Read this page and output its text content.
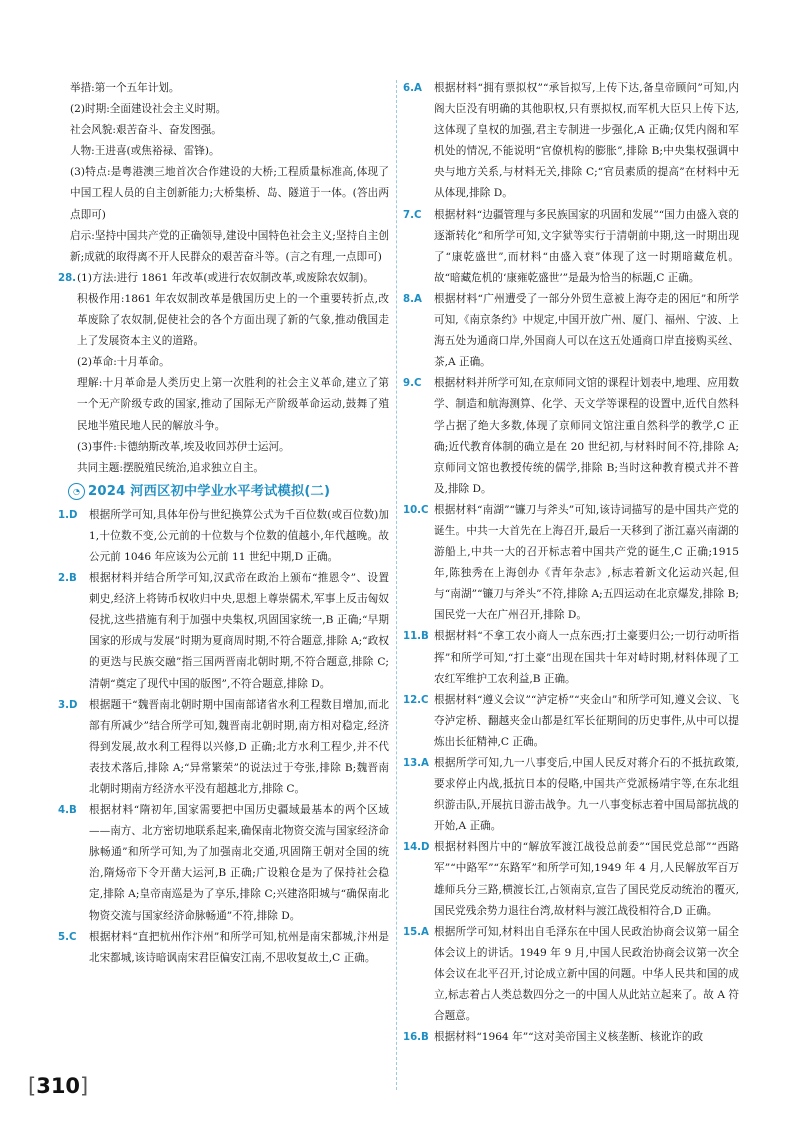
举措:第一个五年计划。

(2)时期:全面建设社会主义时期。

社会风貌:艰苦奋斗、奋发图强。

人物:王进喜(或焦裕禄、雷锋)。

(3)特点:是粤港澳三地首次合作建设的大桥;工程质量标准高,体现了中国工程人员的自主创新能力;大桥集桥、岛、隧道于一体。(答出两点即可)

启示:坚持中国共产党的正确领导,建设中国特色社会主义;坚持自主创新;成就的取得离不开人民群众的艰苦奋斗等。(言之有理,一点即可)

28. (1)方法:进行 1861 年改革(或进行农奴制改革,或废除农奴制)。

积极作用:1861 年农奴制改革是俄国历史上的一个重要转折点,改革废除了农奴制,促使社会的各个方面出现了新的气象,推动俄国走上了发展资本主义的道路。

(2)革命:十月革命。

理解:十月革命是人类历史上第一次胜利的社会主义革命,建立了第一个无产阶级专政的国家,推动了国际无产阶级革命运动,鼓舞了殖民地半殖民地人民的解放斗争。

(3)事件:卡德纳斯改革,埃及收回苏伊士运河。

共同主题:摆脱殖民统治,追求独立自主。

◔ 2024 河西区初中学业水平考试模拟(二)
1.D	根据所学可知,具体年份与世纪换算公式为千百位数(或百位数)加 1,十位数不变,公元前的十位数与个位数的值越小,年代越晚。故公元前 1046 年应该为公元前 11 世纪中期,D 正确。

2.B	根据材料并结合所学可知,汉武帝在政治上颁布“推恩令”、设置刺史,经济上将铸币权收归中央,思想上尊崇儒术,军事上反击匈奴侵扰,这些措施有利于加强中央集权,巩固国家统一,B 正确;“早期国家的形成与发展”时期为夏商周时期,不符合题意,排除 A;“政权的更迭与民族交融”指三国两晋南北朝时期,不符合题意,排除 C;清朝“奠定了现代中国的版图”,不符合题意,排除 D。

3.D	根据题干“魏晋南北朝时期中国南部诸省水利工程数目增加,而北部有所减少”结合所学可知,魏晋南北朝时期,南方相对稳定,经济得到发展,故水利工程得以兴修,D 正确;北方水利工程少,并不代表技术落后,排除 A;“异常繁荣”的说法过于夸张,排除 B;魏晋南北朝时期南方经济水平没有超越北方,排除 C。

4.B	根据材料“隋初年,国家需要把中国历史疆域最基本的两个区域——南方、北方密切地联系起来,确保南北物资交流与国家经济命脉畅通”和所学可知,为了加强南北交通,巩固隋王朝对全国的统治,隋炀帝下令开凿大运河,B 正确;广设粮仓是为了保持社会稳定,排除 A;皇帝南巡是为了享乐,排除 C;兴建洛阳城与“确保南北物资交流与国家经济命脉畅通”不符,排除 D。

5.C	根据材料“直把杭州作汴州”和所学可知,杭州是南宋都城,汴州是北宋都城,该诗暗讽南宋君臣偏安江南,不思收复故土,C 正确。

6.A	根据材料“拥有票拟权”“承旨拟写,上传下达,备皇帝顾问”可知,内阁大臣没有明确的其他职权,只有票拟权,而军机大臣只上传下达,这体现了皇权的加强,君主专制进一步强化,A 正确;仅凭内阁和军机处的情况,不能说明“官僚机构的膨胀”,排除 B;中央集权强调中央与地方关系,与材料无关,排除 C;“官员素质的提高”在材料中无从体现,排除 D。

7.C	根据材料“边疆管理与多民族国家的巩固和发展”“国力由盛入衰的逐渐转化”和所学可知,文字狱等实行于清朝前中期,这一时期出现了“康乾盛世”,而材料“由盛入衰”体现了这一时期暗藏危机。故“暗藏危机的‘康雍乾盛世’”是最为恰当的标题,C 正确。

8.A	根据材料“广州遭受了一部分外贸生意被上海夺走的困厄”和所学可知,《南京条约》中规定,中国开放广州、厦门、福州、宁波、上海五处为通商口岸,外国商人可以在这五处通商口岸直接购买丝、茶,A 正确。

9.C	根据材料并所学可知,在京师同文馆的课程计划表中,地理、应用数学、制造和航海测算、化学、天文学等课程的设置中,近代自然科学占据了绝大多数,体现了京师同文馆注重自然科学的教学,C 正确;近代教育体制的确立是在 20 世纪初,与材料时间不符,排除 A;京师同文馆也教授传统的儒学,排除 B;当时这种教育模式并不普及,排除 D。

10.C 根据材料“南湖”“镰刀与斧头”可知,该诗词描写的是中国共产党的诞生。中共一大首先在上海召开,最后一天移到了浙江嘉兴南湖的游船上,中共一大的召开标志着中国共产党的诞生,C 正确;1915 年,陈独秀在上海创办《青年杂志》,标志着新文化运动兴起,但与“南湖”“镰刀与斧头”不符,排除 A;五四运动在北京爆发,排除 B;国民党一大在广州召开,排除 D。

11.B 根据材料“不拿工农小商人一点东西;打土豪要归公;一切行动听指挥”和所学可知,“打土豪”出现在国共十年对峙时期,材料体现了工农红军维护工农利益,B 正确。

12.C 根据材料“遵义会议”“泸定桥”“夹金山”和所学可知,遵义会议、飞夺泸定桥、翻越夹金山都是红军长征期间的历史事件,从中可以提炼出长征精神,C 正确。

13.A 根据所学可知,九一八事变后,中国人民反对蒋介石的不抵抗政策,要求停止内战,抵抗日本的侵略,中国共产党派杨靖宇等,在东北组织游击队,开展抗日游击战争。九一八事变标志着中国局部抗战的开始,A 正确。

14.D 根据材料图片中的“解放军渡江战役总前委”“国民党总部”“西路军”“中路军”“东路军”和所学可知,1949 年 4 月,人民解放军百万雄师兵分三路,横渡长江,占领南京,宣告了国民党反动统治的覆灭,国民党残余势力退往台湾,故材料与渡江战役相符合,D 正确。

15.A 根据所学可知,材料出自毛泽东在中国人民政治协商会议第一届全体会议上的讲话。1949 年 9 月,中国人民政治协商会议第一次全体会议在北平召开,讨论成立新中国的问题。中华人民共和国的成立,标志着占人类总数四分之一的中国人从此站立起来了。故 A 符合题意。

16.B 根据材料“1964 年”“这对美帝国主义核垄断、核讹诈的政

[310]
